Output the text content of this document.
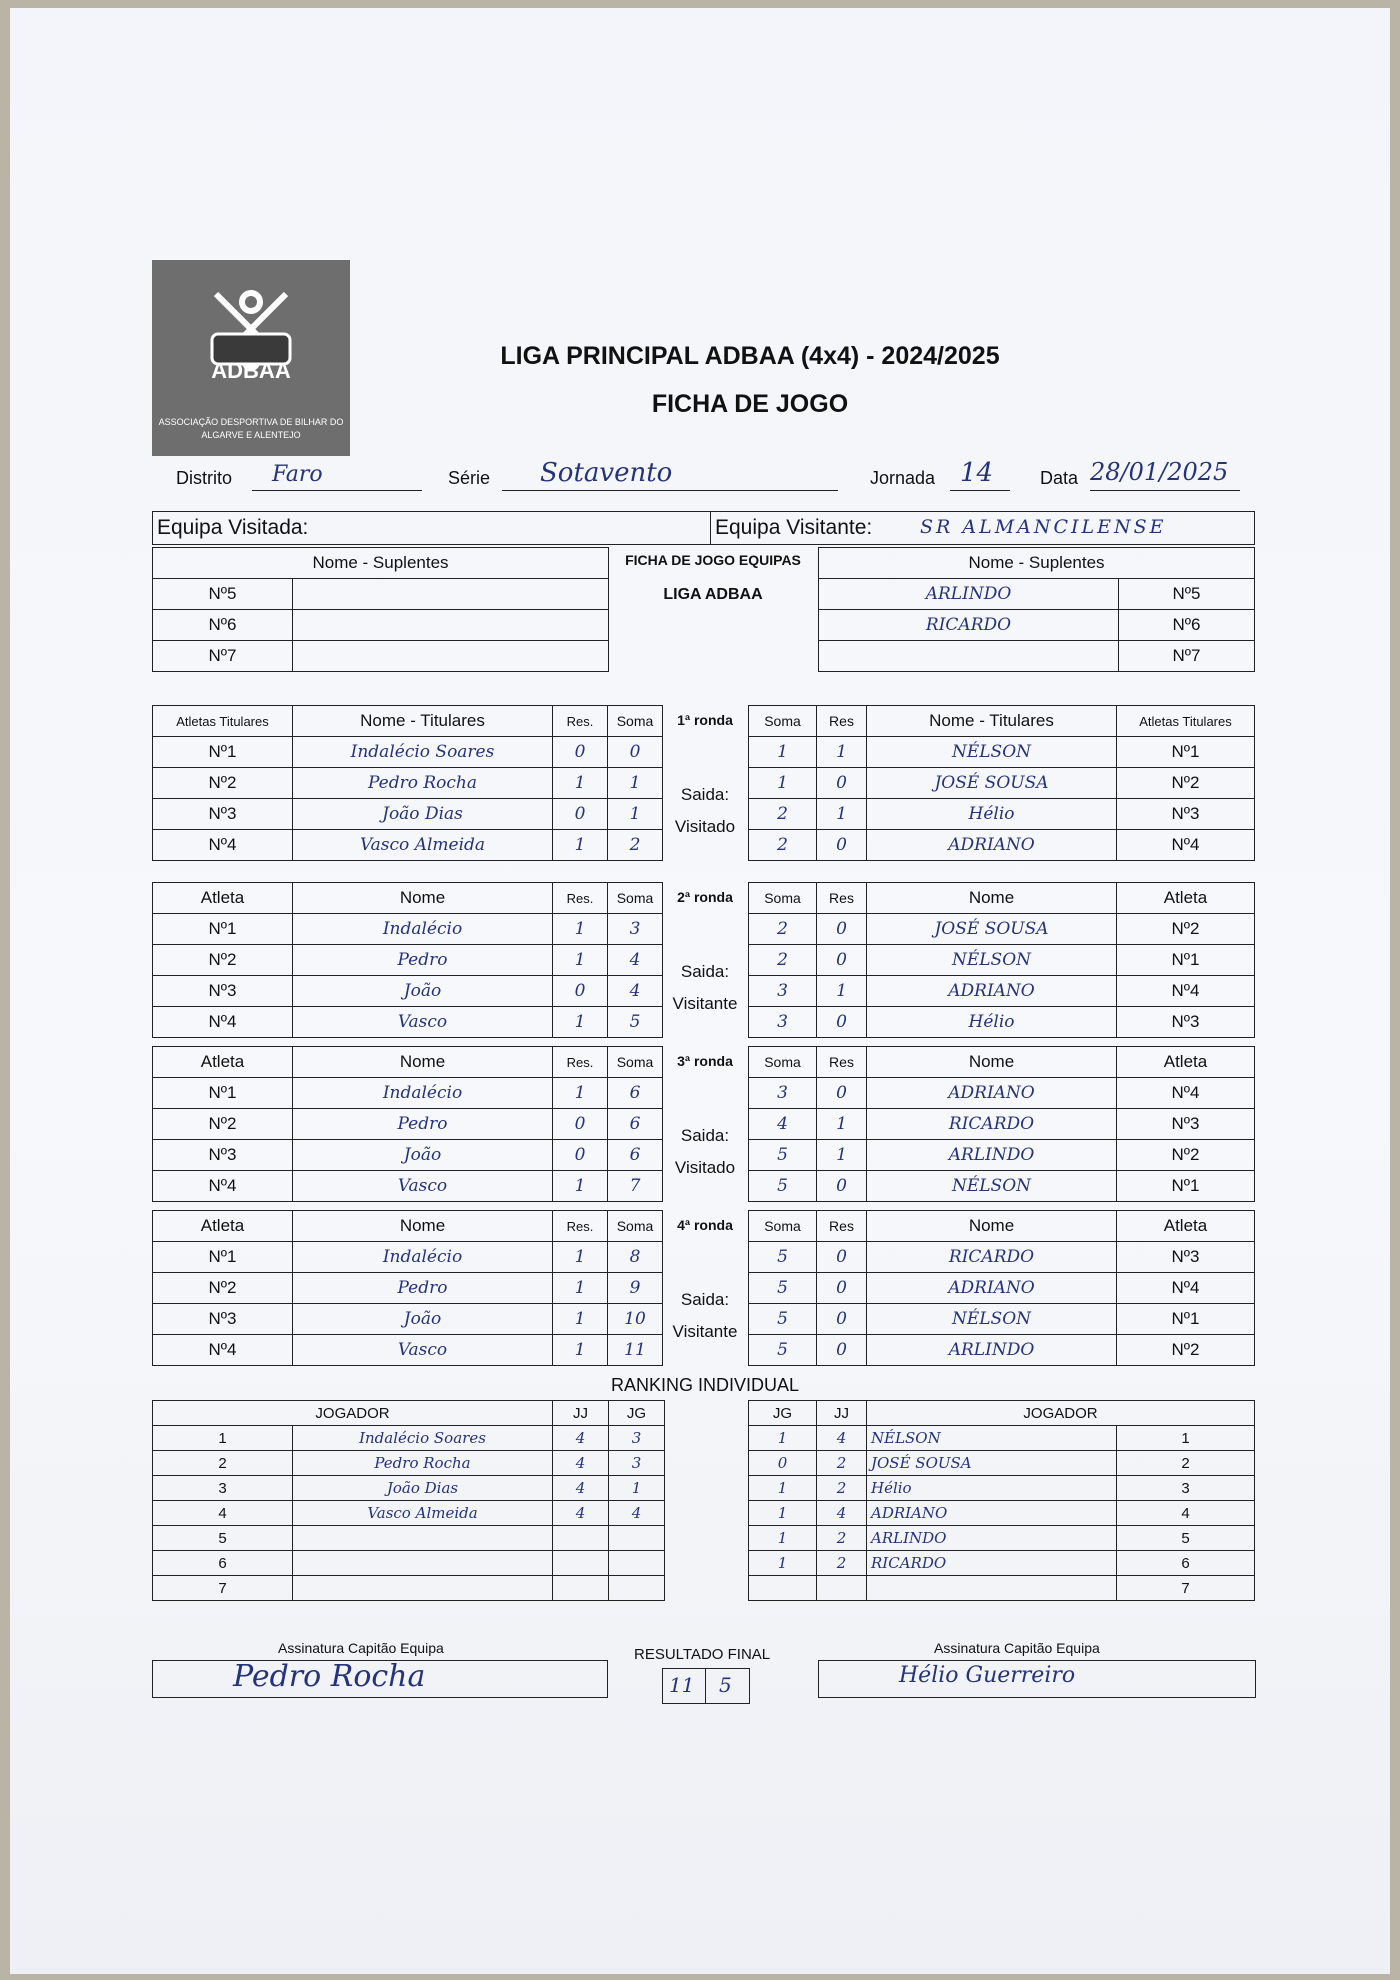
ADBAA
ASSOCIAÇÃO DESPORTIVA DE BILHAR DO ALGARVE E ALENTEJO
LIGA PRINCIPAL ADBAA (4x4) - 2024/2025
FICHA DE JOGO
Distrito Faro	Série Sotavento	Jornada 14	Data 28/01/2025
Equipa Visitada:	Equipa Visitante:	SR ALMANCILENSE
Nome - Suplentes	
Nº5	
Nº6	
Nº7	
FICHA DE JOGO EQUIPAS
LIGA ADBAA
Nome - Suplentes	
ARLINDO	Nº5
RICARDO	Nº6
	Nº7
Atletas Titulares	Nome - Titulares	Res.	Soma
Nº1	Indalécio Soares	0	0
Nº2	Pedro Rocha	1	1
Nº3	João Dias	0	1
Nº4	Vasco Almeida	1	2
1ª ronda
Saida:
Visitado
Soma	Res	Nome - Titulares	Atletas Titulares
1	1	NÉLSON	Nº1
1	0	JOSÉ SOUSA	Nº2
2	1	Hélio	Nº3
2	0	ADRIANO	Nº4
Atleta	Nome	Res.	Soma
Nº1	Indalécio	1	3
Nº2	Pedro	1	4
Nº3	João	0	4
Nº4	Vasco	1	5
2ª ronda
Saida:
Visitante
Soma	Res	Nome	Atleta
2	0	JOSÉ SOUSA	Nº2
2	0	NÉLSON	Nº1
3	1	ADRIANO	Nº4
3	0	Hélio	Nº3
Atleta	Nome	Res.	Soma
Nº1	Indalécio	1	6
Nº2	Pedro	0	6
Nº3	João	0	6
Nº4	Vasco	1	7
3ª ronda
Saida:
Visitado
Soma	Res	Nome	Atleta
3	0	ADRIANO	Nº4
4	1	RICARDO	Nº3
5	1	ARLINDO	Nº2
5	0	NÉLSON	Nº1
Atleta	Nome	Res.	Soma
Nº1	Indalécio	1	8
Nº2	Pedro	1	9
Nº3	João	1	10
Nº4	Vasco	1	11
4ª ronda
Saida:
Visitante
Soma	Res	Nome	Atleta
5	0	RICARDO	Nº3
5	0	ADRIANO	Nº4
5	0	NÉLSON	Nº1
5	0	ARLINDO	Nº2
RANKING INDIVIDUAL
JOGADOR		JJ	JG
1	Indalécio Soares	4	3
2	Pedro Rocha	4	3
3	João Dias	4	1
4	Vasco Almeida	4	4
5			
6			
7			
JG	JJ	JOGADOR	
1	4	NÉLSON	1
0	2	JOSÉ SOUSA	2
1	2	Hélio	3
1	4	ADRIANO	4
1	2	ARLINDO	5
1	2	RICARDO	6
			7
Assinatura Capitão Equipa
Pedro Rocha
RESULTADO FINAL
11 5
Assinatura Capitão Equipa
Hélio Guerreiro
